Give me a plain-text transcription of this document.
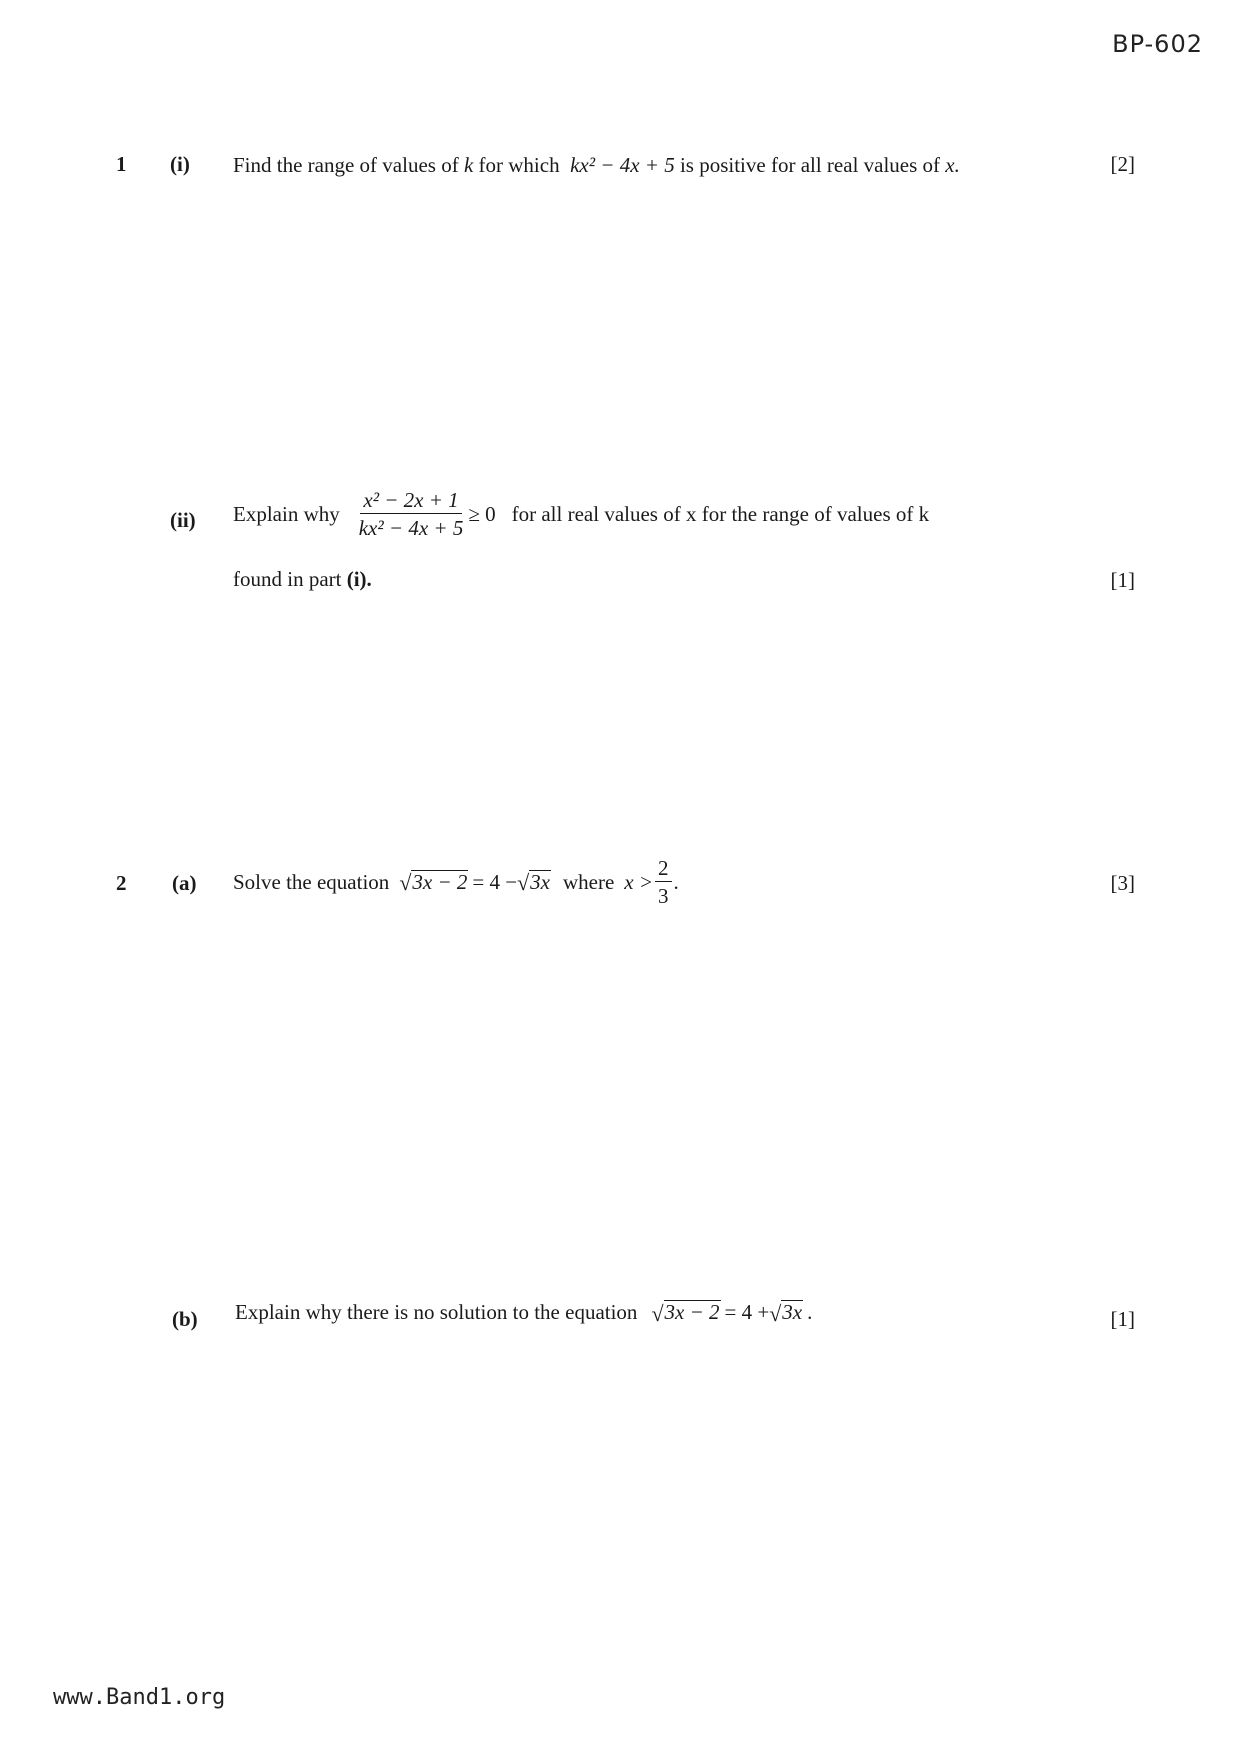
BP-602
1 (i) Find the range of values of k for which  kx² − 4x + 5 is positive for all real values of x.	[2]
(ii) Explain why $\frac{\text{x² − 2x + 1}}{\text{kx² − 4x + 5}} \ge 0$ for all real values of x for the range of values of k
found in part (i).	[1]
2 (a) Solve the equation √ 3x − 2 = 4 − √ 3x where $x > \frac{2}{3}$ .	[3]
(b) Explain why there is no solution to the equation √ 3x − 2 = 4 + √ 3x .	[1]
www.Band1.org
